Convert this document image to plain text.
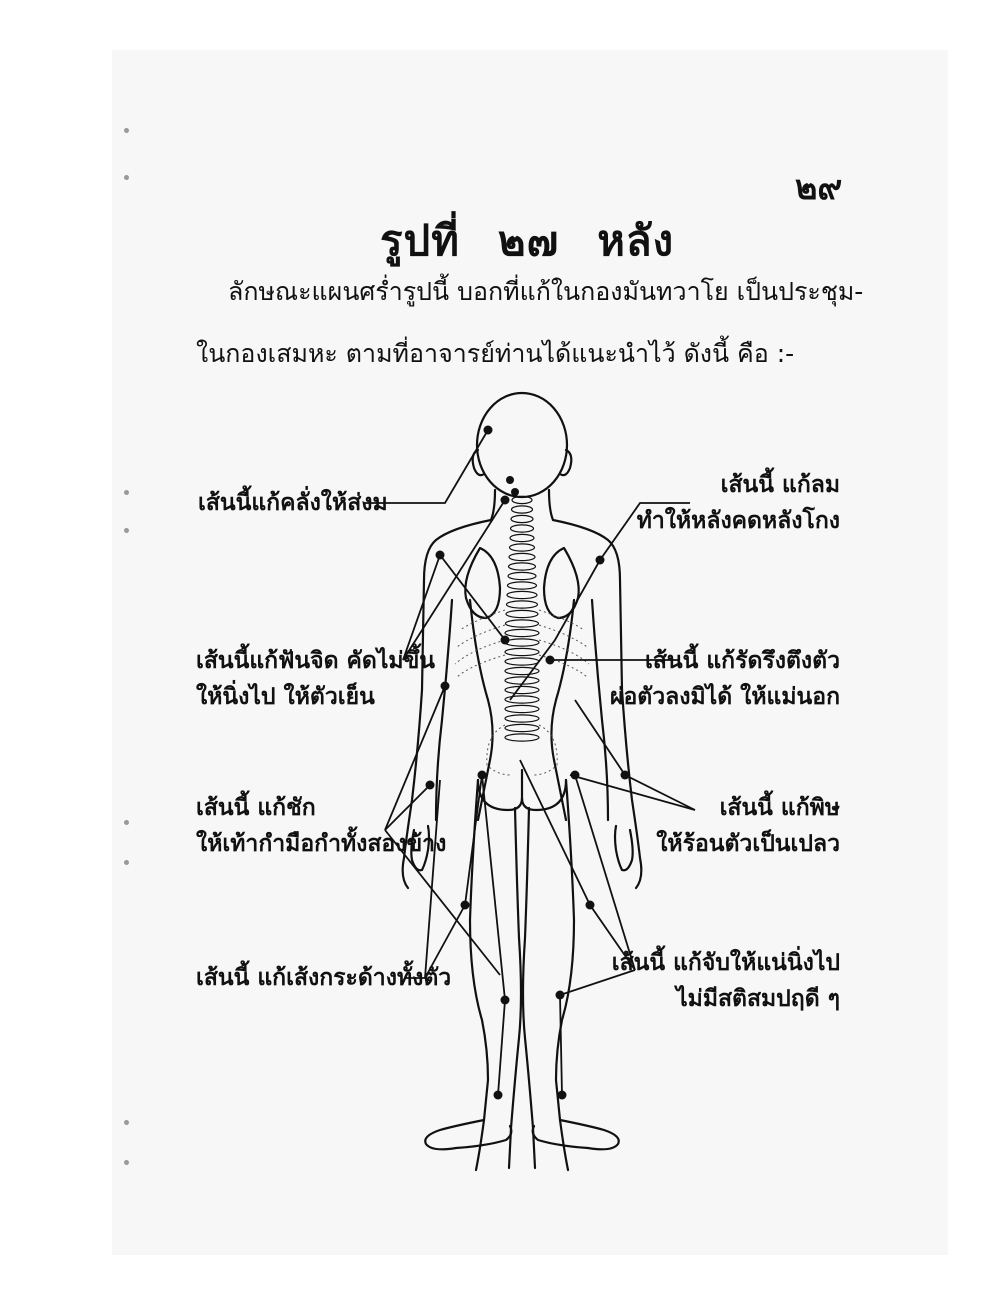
๒๙
รูปที่ ๒๗ หลัง
ลักษณะแผนศร่ำรูปนี้ บอกที่แก้ในกองมันทวาโย เป็นประชุม-
ในกองเสมหะ ตามที่อาจารย์ท่านได้แนะนำไว้ ดังนี้ คือ :-
เส้นนี้แก้คลั่งให้ส่งม
เส้นนี้ แก้ลม
ทำให้หลังคดหลังโกง
เส้นนี้แก้ฟันจิด คัดไม่ขึ้น
ให้นิ่งไป ให้ตัวเย็น
เส้นนี้ แก้รัดรึงตึงตัว
ผ่อตัวลงมิได้ ให้แม่นอก
เส้นนี้ แก้ชัก
ให้เท้ากำมือกำทั้งสองข้าง
เส้นนี้ แก้พิษ
ให้ร้อนตัวเป็นเปลว
เส้นนี้ แก้เส้งกระด้างทั้งตัว
เส้นนี้ แก้จับให้แน่นิ่งไป
ไม่มีสติสมปฤดี ๆ
